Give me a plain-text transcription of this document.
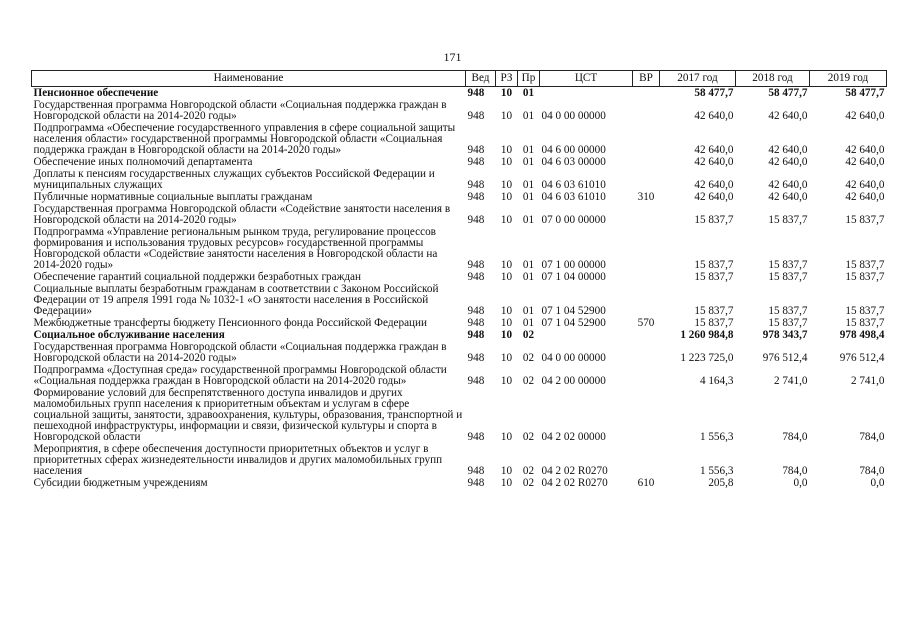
171
Наименование	Вед	РЗ	Пр	ЦСТ	ВР	2017 год	2018 год	2019 год
Пенсионное обеспечение	948	10	01			58 477,7	58 477,7	58 477,7
Государственная программа Новгородской области «Социальная поддержка граждан в Новгородской области на 2014-2020 годы»	948	10	01	04 0 00 00000		42 640,0	42 640,0	42 640,0
Подпрограмма «Обеспечение государственного управления в сфере социальной защиты населения области» государственной программы Новгородской области «Социальная поддержка граждан в Новгородской области на 2014-2020 годы»	948	10	01	04 6 00 00000		42 640,0	42 640,0	42 640,0
Обеспечение иных полномочий департамента	948	10	01	04 6 03 00000		42 640,0	42 640,0	42 640,0
Доплаты к пенсиям государственных служащих субъектов Российской Федерации и муниципальных служащих	948	10	01	04 6 03 61010		42 640,0	42 640,0	42 640,0
Публичные нормативные социальные выплаты гражданам	948	10	01	04 6 03 61010	310	42 640,0	42 640,0	42 640,0
Государственная программа Новгородской области «Содействие занятости населения в Новгородской области на 2014-2020 годы»	948	10	01	07 0 00 00000		15 837,7	15 837,7	15 837,7
Подпрограмма «Управление региональным рынком труда, регулирование процессов формирования и использования трудовых ресурсов» государственной программы Новгородской области «Содействие занятости населения в Новгородской области на 2014-2020 годы»	948	10	01	07 1 00 00000		15 837,7	15 837,7	15 837,7
Обеспечение гарантий социальной поддержки безработных граждан	948	10	01	07 1 04 00000		15 837,7	15 837,7	15 837,7
Социальные выплаты безработным гражданам в соответствии с Законом Российской Федерации от 19 апреля 1991 года № 1032-1 «О занятости населения в Российской Федерации»	948	10	01	07 1 04 52900		15 837,7	15 837,7	15 837,7
Межбюджетные трансферты бюджету Пенсионного фонда Российской Федерации	948	10	01	07 1 04 52900	570	15 837,7	15 837,7	15 837,7
Социальное обслуживание населения	948	10	02			1 260 984,8	978 343,7	978 498,4
Государственная программа Новгородской области «Социальная поддержка граждан в Новгородской области на 2014-2020 годы»	948	10	02	04 0 00 00000		1 223 725,0	976 512,4	976 512,4
Подпрограмма «Доступная среда» государственной программы Новгородской области «Социальная поддержка граждан в Новгородской области на 2014-2020 годы»	948	10	02	04 2 00 00000		4 164,3	2 741,0	2 741,0
Формирование условий для беспрепятственного доступа инвалидов и других маломобильных групп населения к приоритетным объектам и услугам в сфере социальной защиты, занятости, здравоохранения, культуры, образования, транспортной и пешеходной инфраструктуры, информации и связи, физической культуры и спорта в Новгородской области	948	10	02	04 2 02 00000		1 556,3	784,0	784,0
Мероприятия, в сфере обеспечения доступности приоритетных объектов и услуг в приоритетных сферах жизнедеятельности инвалидов и других маломобильных групп населения	948	10	02	04 2 02 R0270		1 556,3	784,0	784,0
Субсидии бюджетным учреждениям	948	10	02	04 2 02 R0270	610	205,8	0,0	0,0
